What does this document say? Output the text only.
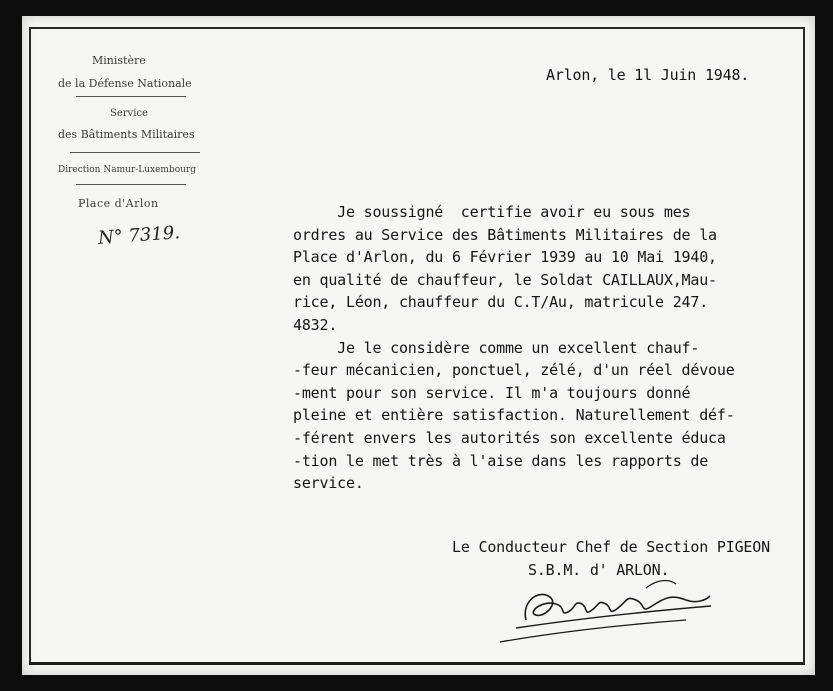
Ministère
de la Défense Nationale
Service
des Bâtiments Militaires
Direction Namur-Luxembourg
Place d'Arlon
N° 7319.
Arlon, le 1l Juin 1948.
Je soussigné  certifie avoir eu sous mes
ordres au Service des Bâtiments Militaires de la
Place d'Arlon, du 6 Février 1939 au 10 Mai 1940,
en qualité de chauffeur, le Soldat CAILLAUX,Mau-
rice, Léon, chauffeur du C.T/Au, matricule 247.
4832.
Je le considère comme un excellent chauf-
-feur mécanicien, ponctuel, zélé, d'un réel dévoue
-ment pour son service. Il m'a toujours donné
pleine et entière satisfaction. Naturellement déf-
-férent envers les autorités son excellente éduca
-tion le met très à l'aise dans les rapports de
service.
Le Conducteur Chef de Section PIGEON
S.B.M. d' ARLON.
